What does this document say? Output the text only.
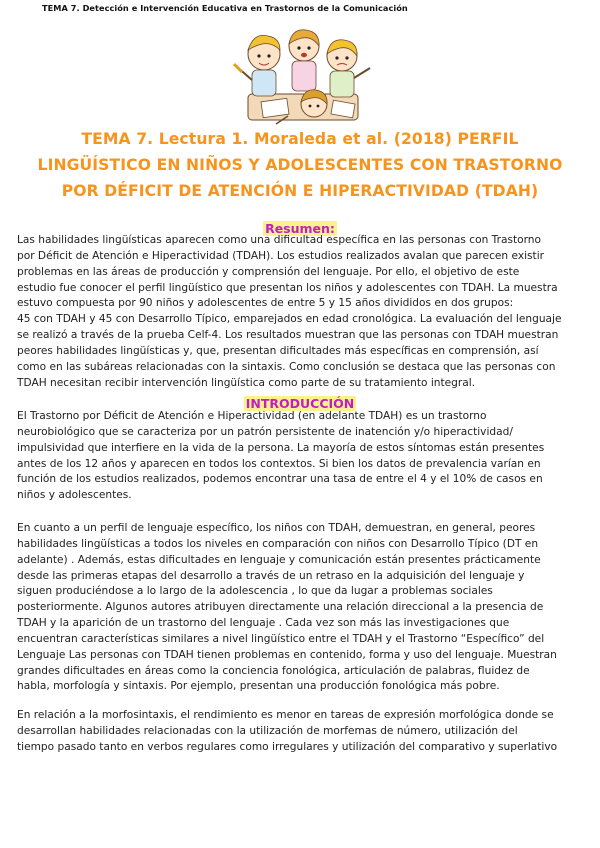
TEMA 7. Detección e Intervención Educativa en Trastornos de la Comunicación
TEMA 7. Lectura 1. Moraleda et al. (2018) PERFIL
LINGÜÍSTICO EN NIÑOS Y ADOLESCENTES CON TRASTORNO
POR DÉFICIT DE ATENCIÓN E HIPERACTIVIDAD (TDAH)
Resumen:
Las habilidades lingüísticas aparecen como una dificultad específica en las personas con Trastorno
por Déficit de Atención e Hiperactividad (TDAH). Los estudios realizados avalan que parecen existir
problemas en las áreas de producción y comprensión del lenguaje. Por ello, el objetivo de este
estudio fue conocer el perfil lingüístico que presentan los niños y adolescentes con TDAH. La muestra
estuvo compuesta por 90 niños y adolescentes de entre 5 y 15 años divididos en dos grupos:
45 con TDAH y 45 con Desarrollo Típico, emparejados en edad cronológica. La evaluación del lenguaje
se realizó a través de la prueba Celf-4. Los resultados muestran que las personas con TDAH muestran
peores habilidades lingüísticas y, que, presentan dificultades más específicas en comprensión, así
como en las subáreas relacionadas con la sintaxis. Como conclusión se destaca que las personas con
TDAH necesitan recibir intervención lingüística como parte de su tratamiento integral.
INTRODUCCIÓN
El Trastorno por Déficit de Atención e Hiperactividad (en adelante TDAH) es un trastorno
neurobiológico que se caracteriza por un patrón persistente de inatención y/o hiperactividad/
impulsividad que interfiere en la vida de la persona. La mayoría de estos síntomas están presentes
antes de los 12 años y aparecen en todos los contextos. Si bien los datos de prevalencia varían en
función de los estudios realizados, podemos encontrar una tasa de entre el 4 y el 10% de casos en
niños y adolescentes.
En cuanto a un perfil de lenguaje específico, los niños con TDAH, demuestran, en general, peores
habilidades lingüísticas a todos los niveles en comparación con niños con Desarrollo Típico (DT en
adelante) . Además, estas dificultades en lenguaje y comunicación están presentes prácticamente
desde las primeras etapas del desarrollo a través de un retraso en la adquisición del lenguaje y
siguen produciéndose a lo largo de la adolescencia , lo que da lugar a problemas sociales
posteriormente. Algunos autores atribuyen directamente una relación direccional a la presencia de
TDAH y la aparición de un trastorno del lenguaje . Cada vez son más las investigaciones que
encuentran características similares a nivel lingüístico entre el TDAH y el Trastorno “Específico” del
Lenguaje Las personas con TDAH tienen problemas en contenido, forma y uso del lenguaje. Muestran
grandes dificultades en áreas como la conciencia fonológica, articulación de palabras, fluidez de
habla, morfología y sintaxis. Por ejemplo, presentan una producción fonológica más pobre.
En relación a la morfosintaxis, el rendimiento es menor en tareas de expresión morfológica donde se
desarrollan habilidades relacionadas con la utilización de morfemas de número, utilización del
tiempo pasado tanto en verbos regulares como irregulares y utilización del comparativo y superlativo
